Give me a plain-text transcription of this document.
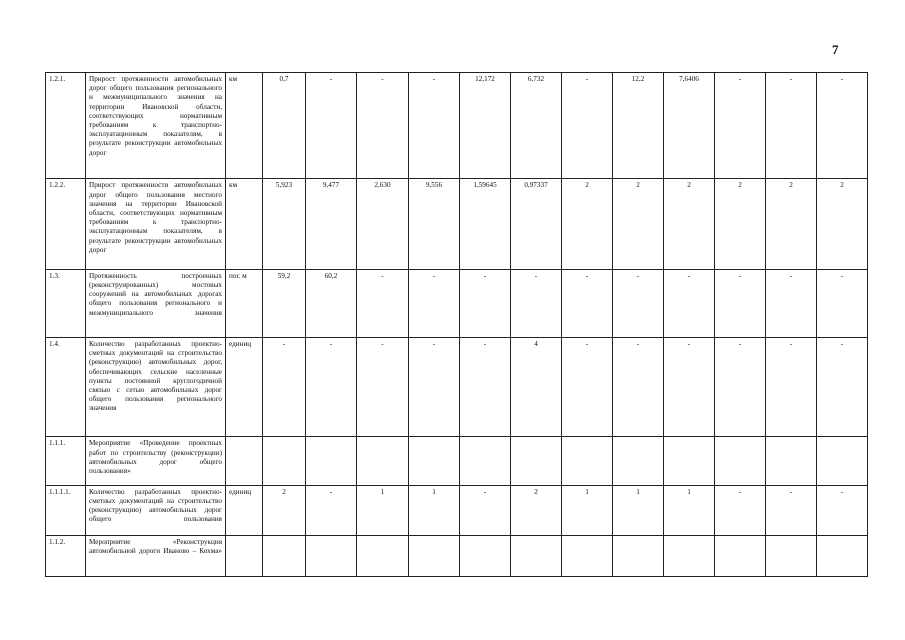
7
1.2.1.	Прирост протяженности автомобильных дорог общего пользования регионального и межмуниципального значения на территории Ивановской области, соответствующих нормативным требованиям к транспортно-эксплуатационным показателям, в результате реконструкции автомобильных дорог	км	0,7	-	-	-	12,172	6,732	-	12,2	7,6406	-	-	-
1.2.2.	Прирост протяженности автомобильных дорог общего пользования местного значения на территории Ивановской области, соответствующих нормативным требованиям к транспортно-эксплуатационным показателям, в результате реконструкции автомобильных дорог	км	5,923	9,477	2,630	9,556	1,59645	0,97337	2	2	2	2	2	2
1.3.	Протяженность построенных (реконструированных) мостовых сооружений на автомобильных дорогах общего пользования регионального и межмуниципального значения	пог. м	59,2	60,2	-	-	-	-	-	-	-	-	-	-
1.4.	Количество разработанных проектно-сметных документаций на строительство (реконструкцию) автомобильных дорог, обеспечивающих сельские населенные пункты постоянной круглогодичной связью с сетью автомобильных дорог общего пользования регионального значения	единиц	-	-	-	-	-	4	-	-	-	-	-	-
1.1.1.	Мероприятие «Проведение проектных работ по строительству (реконструкции) автомобильных дорог общего пользования»													
1.1.1.1.	Количество разработанных проектно-сметных документаций на строительство (реконструкцию) автомобильных дорог общего пользования	единиц	2	-	1	1	-	2	1	1	1	-	-	-
1.1.2.	Мероприятие «Реконструкция автомобильной дороги Иваново – Кохма»													
